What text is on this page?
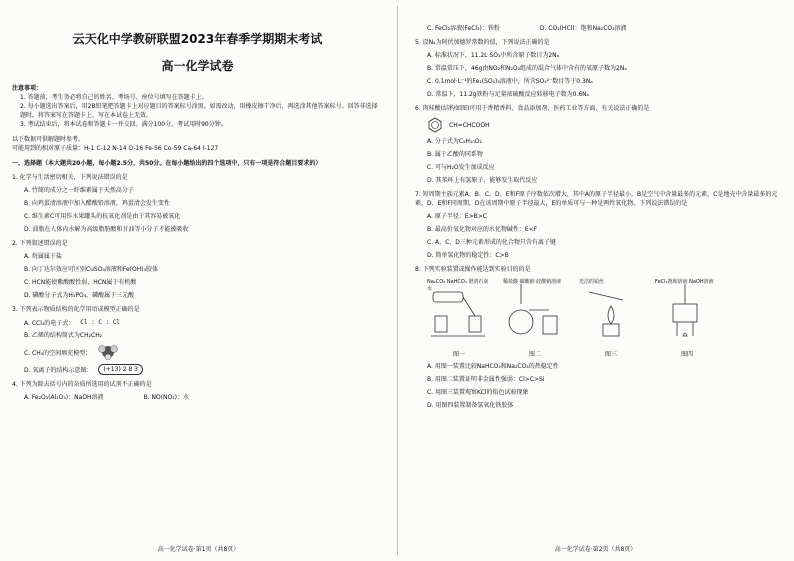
云天化中学教研联盟2023年春季学期期末考试
高一化学试卷
注意事项：
1. 答题前，考生务必将自己的姓名、考场号、座位号填写在答题卡上。
2. 每小题选出答案后，用2B铅笔把答题卡上对应题目的答案标号涂黑。如需改动，用橡皮擦干净后，再选涂其他答案标号。回答非选择题时，将答案写在答题卡上，写在本试卷上无效。
3. 考试结束后，将本试卷和答题卡一并交回。满分100分，考试用时90分钟。
以下数据可供解题时参考。
可能用到的相对原子质量：H-1 C-12 N-14 O-16 Fe-56 Co-59 Ca-64 I-127
一、选择题（本大题共20小题，每小题2.5分，共50分。在每小题给出的四个选项中，只有一项是符合题目要求的）
1. 化学与生活密切相关，下列说法错误的是
A. 竹简的成分之一纤维素属于天然高分子
B. 向鸡蛋清溶液中加入醋酸铅溶液，鸡蛋清会发生变性
C. 维生素C可用作水果罐头的抗氧化剂是由于其容易被氧化
D. 油脂在人体内水解为高级脂肪酸和甘油等小分子才能被吸收
2. 下列叙述错误的是
A. 烷属属于盐
B. 向丁达尔效应可区别CuSO₄溶液和Fe(OH)₃胶体
C. HCN能使紫酸酸性弱，HCN属于有机酸
D. 磷酸分子式为H₃PO₄，磷酸属于三元酸
3. 下列表示物质结构的化学用语或模型正确的是
A. CCl₄的电子式： Cl : C : Cl
B. 乙烯的结构简式为CH₂CH₂
C. CH₄的空间填充模型：
D. 氧离子的结构示意图：	(+13) 2 8 3
4. 下列为除去括号内的杂质所选用的试剂不正确的是
A. Fe₂O₃(Al₂O₃)：NaOH溶液	B. NO(NO₂)：水
高一化学试卷·第1页（共8页）
C. FeCl₂溶液(FeCl₃)：铁粉	D. CO₂(HCl)：饱和Na₂CO₃溶液
5. 设Nₐ为阿伏加德罗常数的值，下列说法正确的是
A. 标准状况下，11.2L SO₃中所含原子数目为2Nₐ
B. 常温常压下，46g由NO₂和N₂O₄组成的混合气体中含有的氧原子数为2Nₐ
C. 0.1mol·L⁻¹的Fe₂(SO₄)₃溶液中，所含SO₄²⁻数目等于0.3Nₐ
D. 常温下，11.2g铁粉与足量浓硫酸反应转移电子数为0.6Nₐ
6. 肉桂酸(结构如图)可用于香精香料、食品添加剂、医药工业等方面，有关说法正确的是
CH=CHCOOH
A. 分子式为C₉H₁₀O₂
B. 属于乙酸的同系物
C. 可与H₂O发生加成反应
D. 其苯环上有氢原子，能够发生取代反应
7. 短周期主族元素A、B、C、D、E和F原子序数依次增大，其中A的原子半径最小，B是空气中含量最多的元素，C是地壳中含量最多的元素，D、E和F同周期，D在该周期中原子半径最大，E的单质可与一种是两性氧化物。下列说法错误的是
A. 原子半径：E>B>C
B. 最高价氧化物对应的水化物碱性：E<F
C. A、C、D三种元素形成的化合物只含有离子键
D. 简单氢化物的稳定性：C>B
8. 下列实验装置或操作能达到实验目的的是
Na₂CO₃ NaHCO₃ 澄清石灰水
图一
稀盐酸 碳酸钠 硅酸钠溶液
图二
光洁的铂丝
图三
FeCl₃饱和溶液 NaOH溶液
图四
A. 用图一装置比较NaHCO₃和Na₂CO₃的热稳定性
B. 用图二装置证明非金属性强弱：Cl>C>Si
C. 用图三装置观察KCl的焰色试验现象
D. 用图四装置制备氢氧化铁胶体
高一化学试卷·第2页（共8页）
